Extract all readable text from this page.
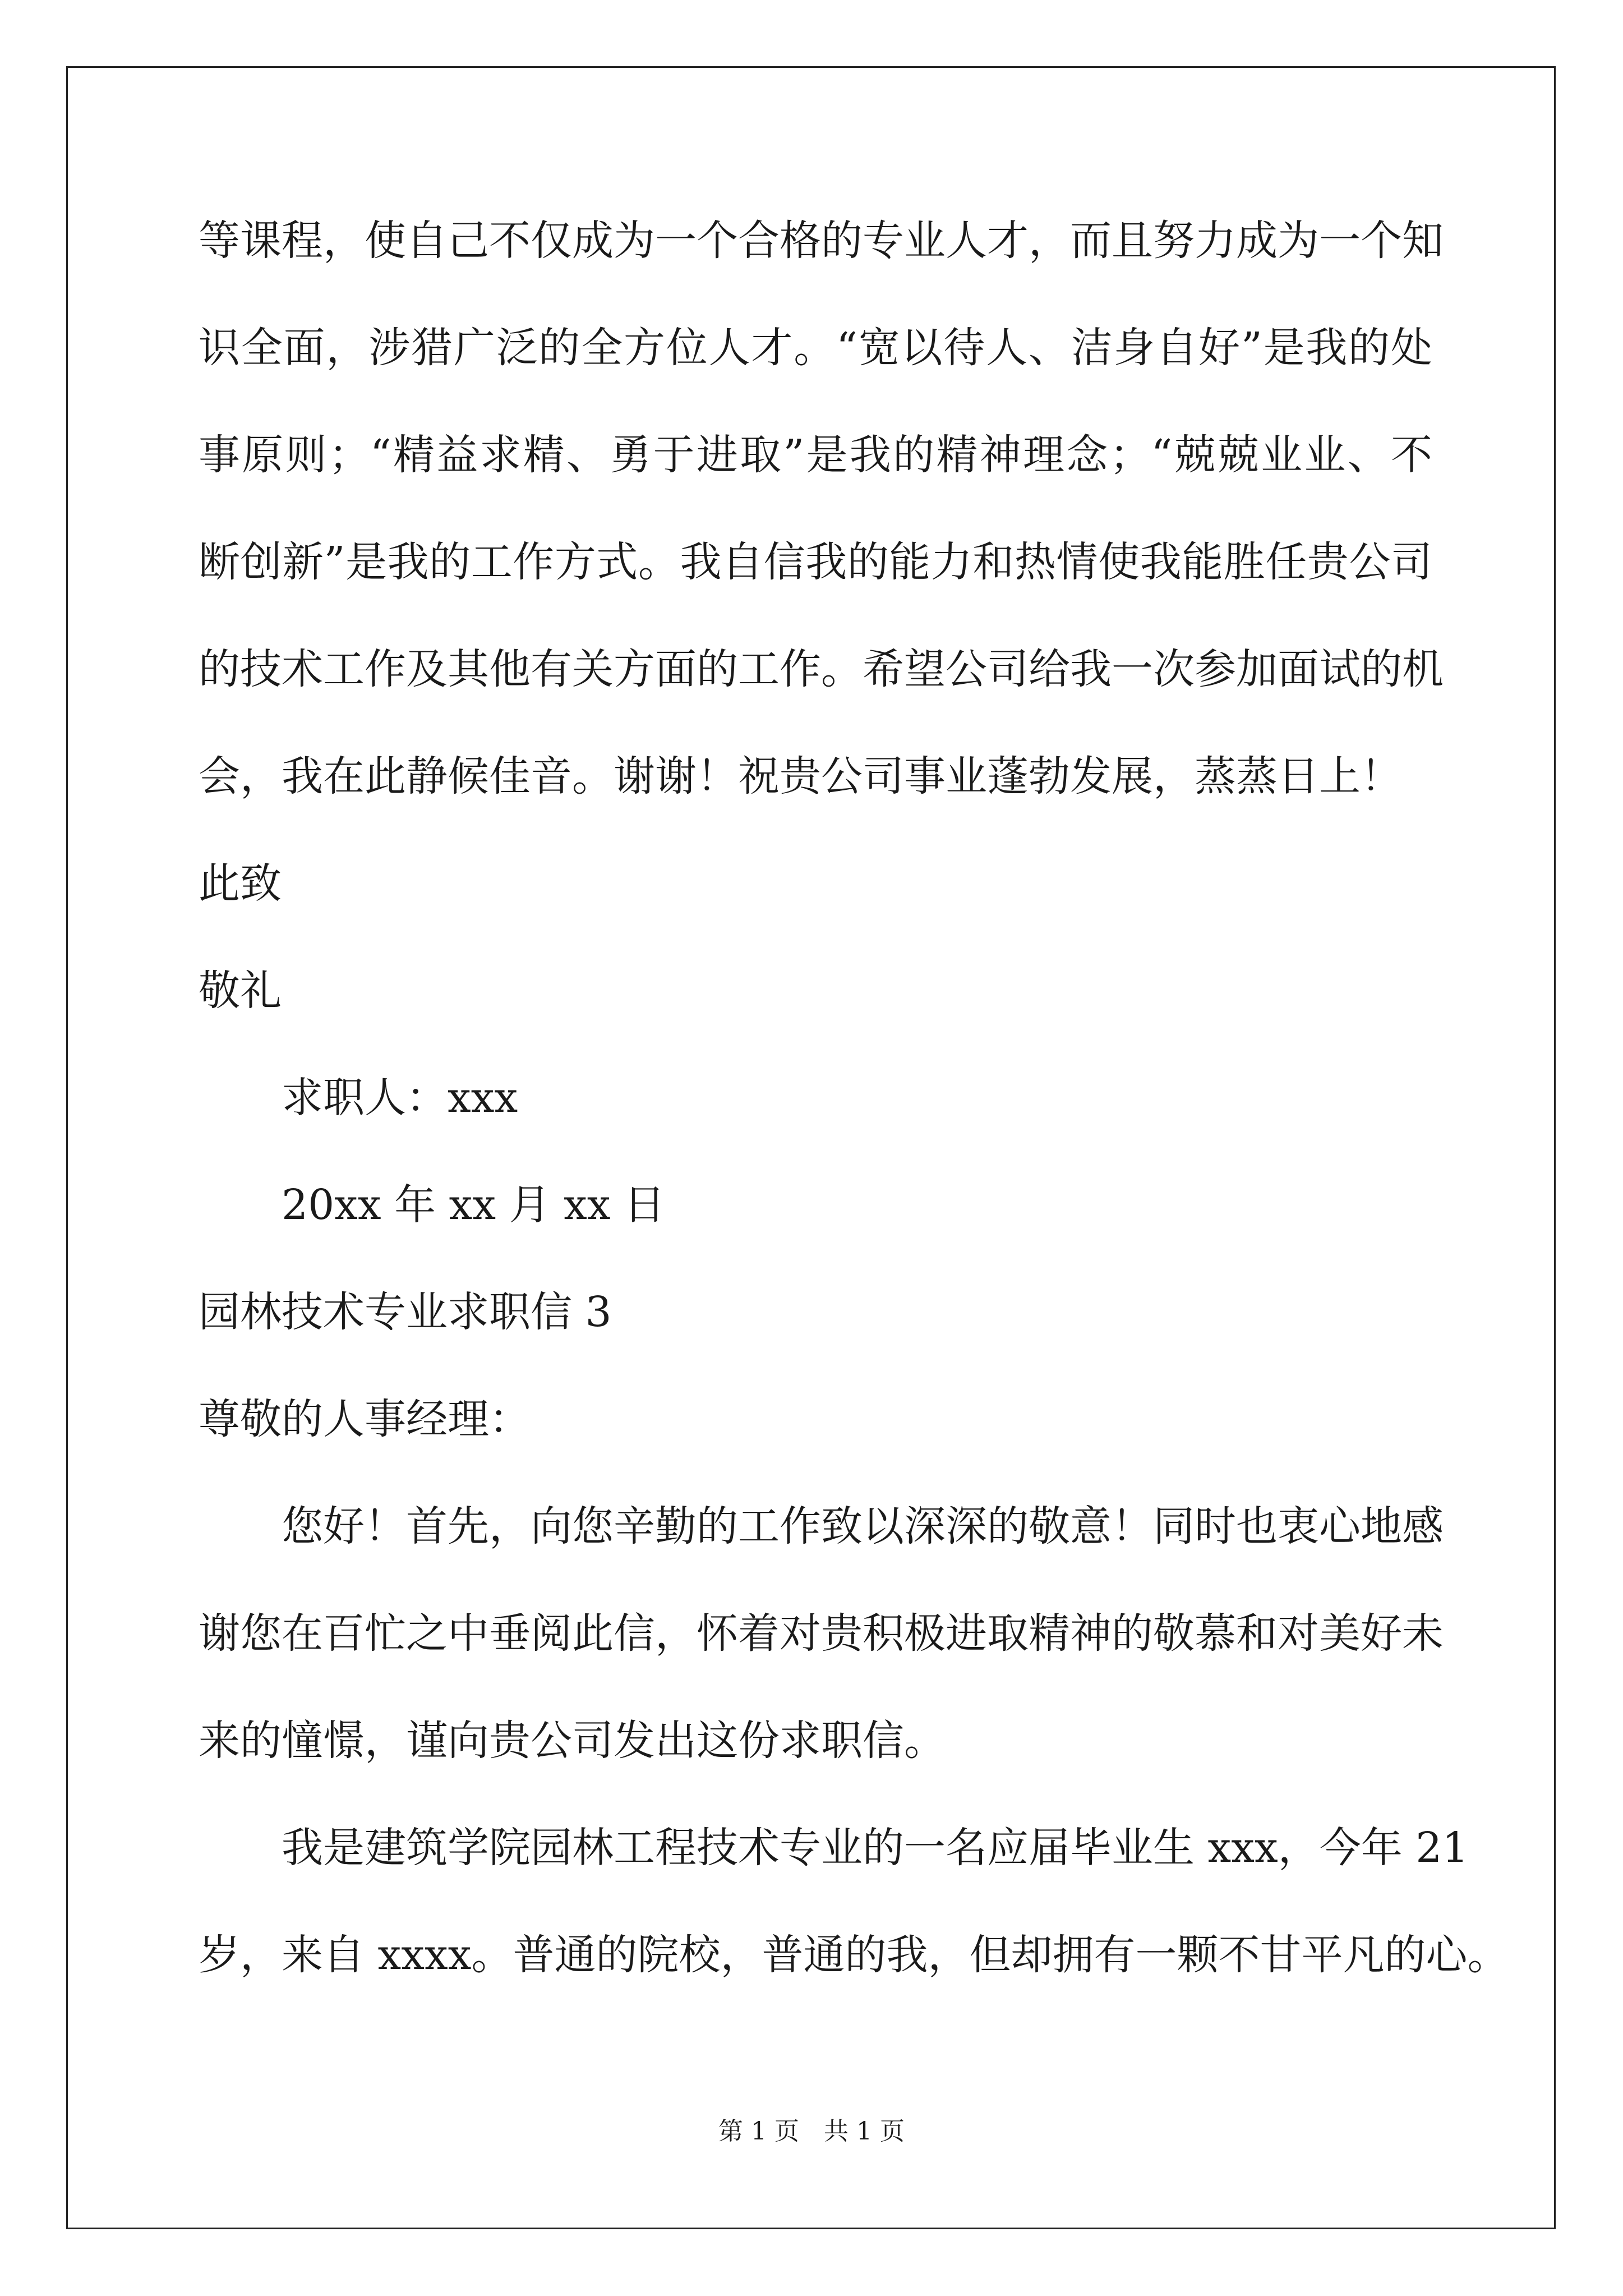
等课程，使自己不仅成为一个合格的专业人才，而且努力成为一个知
识全面，涉猎广泛的全方位人才。“宽以待人、洁身自好”是我的处
事原则；“精益求精、勇于进取”是我的精神理念；“兢兢业业、不
断创新”是我的工作方式。我自信我的能力和热情使我能胜任贵公司
的技术工作及其他有关方面的工作。希望公司给我一次参加面试的机
会，我在此静候佳音。谢谢！祝贵公司事业蓬勃发展，蒸蒸日上！
此致
敬礼
求职人：xxx
20xx 年 xx 月 xx 日
园林技术专业求职信 3
尊敬的人事经理：
您好！首先，向您辛勤的工作致以深深的敬意！同时也衷心地感
谢您在百忙之中垂阅此信，怀着对贵积极进取精神的敬慕和对美好未
来的憧憬，谨向贵公司发出这份求职信。
我是建筑学院园林工程技术专业的一名应届毕业生 xxx，今年 21
岁，来自 xxxx。普通的院校，普通的我，但却拥有一颗不甘平凡的心。
第 1 页 共 1 页
